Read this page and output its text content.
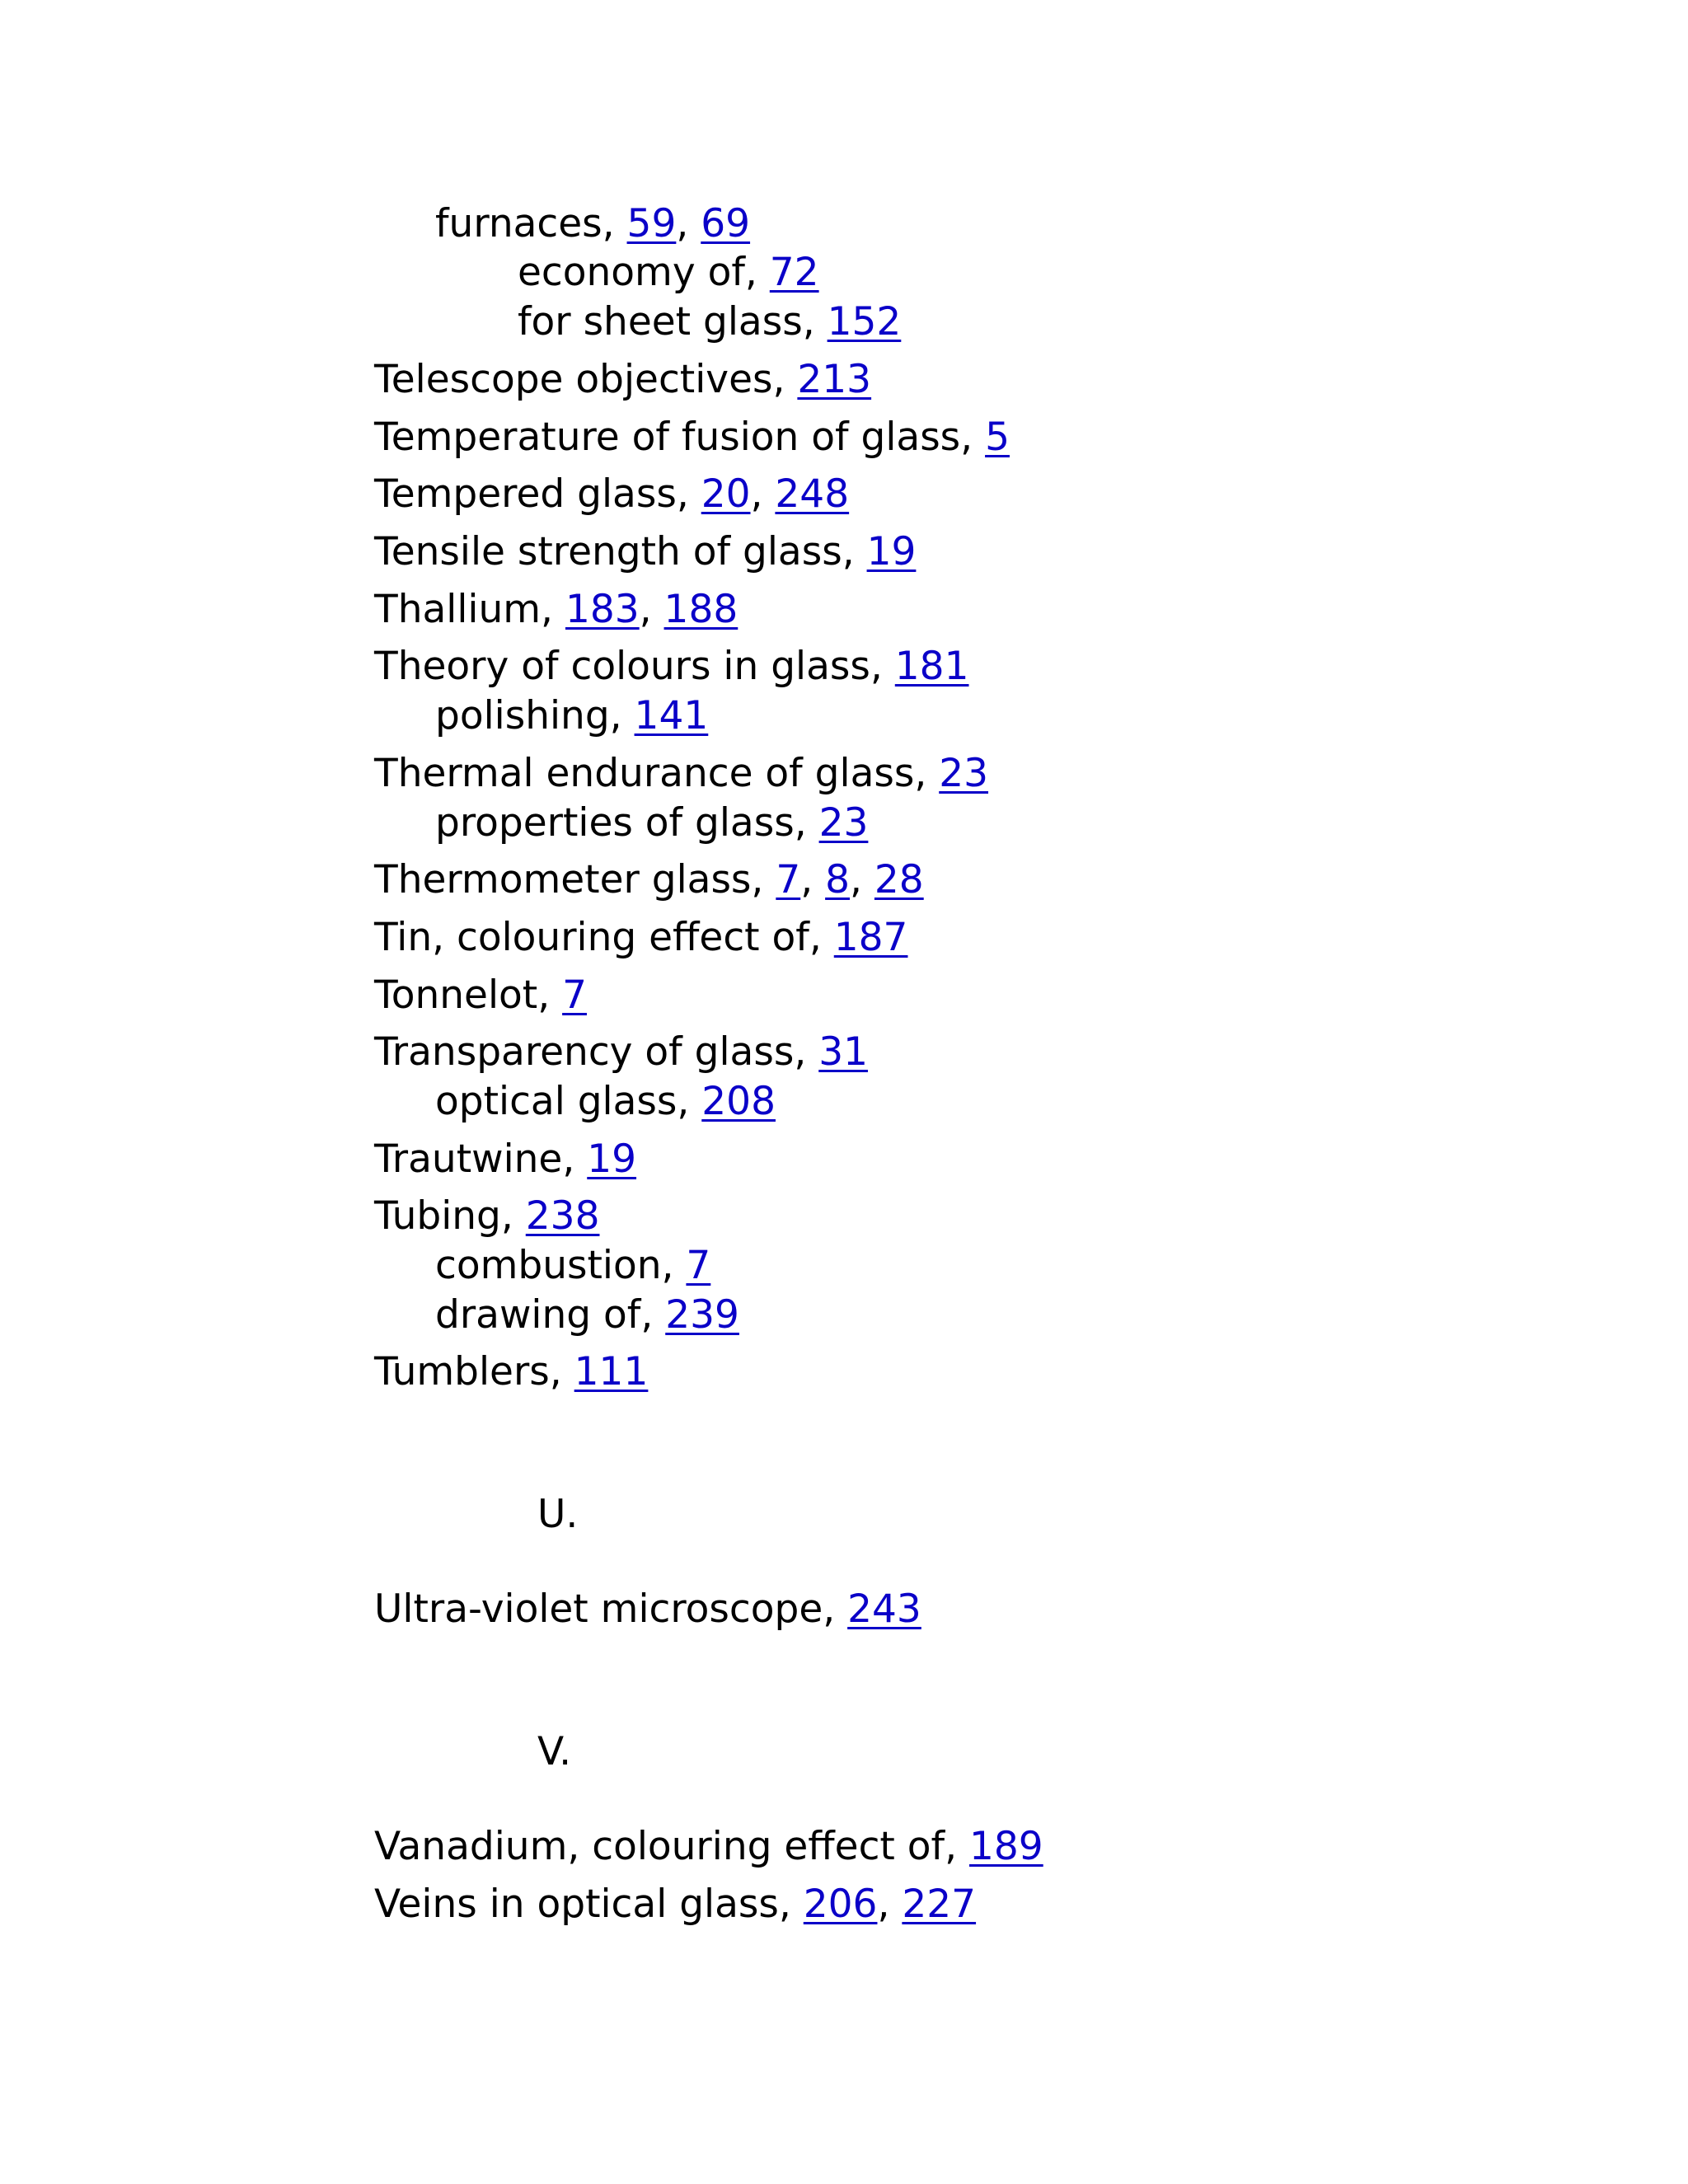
furnaces, 59, 69
economy of, 72
for sheet glass, 152
Telescope objectives, 213
Temperature of fusion of glass, 5
Tempered glass, 20, 248
Tensile strength of glass, 19
Thallium, 183, 188
Theory of colours in glass, 181
polishing, 141
Thermal endurance of glass, 23
properties of glass, 23
Thermometer glass, 7, 8, 28
Tin, colouring effect of, 187
Tonnelot, 7
Transparency of glass, 31
optical glass, 208
Trautwine, 19
Tubing, 238
combustion, 7
drawing of, 239
Tumblers, 111
U.
Ultra-violet microscope, 243
V.
Vanadium, colouring effect of, 189
Veins in optical glass, 206, 227
